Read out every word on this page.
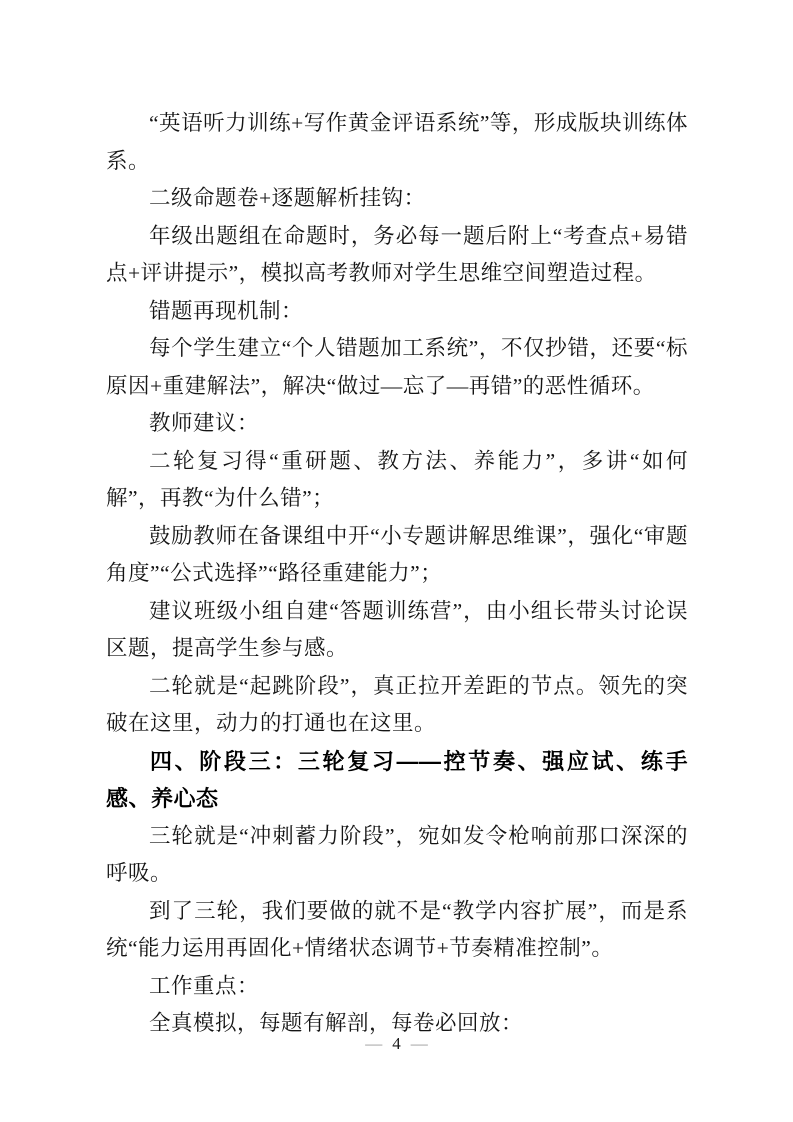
“英语听力训练+写作黄金评语系统”等，形成版块训练体系。

二级命题卷+逐题解析挂钩：

年级出题组在命题时，务必每一题后附上“考查点+易错点+评讲提示”，模拟高考教师对学生思维空间塑造过程。

错题再现机制：

每个学生建立“个人错题加工系统”，不仅抄错，还要“标原因+重建解法”，解决“做过—忘了—再错”的恶性循环。

教师建议：

二轮复习得“重研题、教方法、养能力”，多讲“如何解”，再教“为什么错”；

鼓励教师在备课组中开“小专题讲解思维课”，强化“审题角度”“公式选择”“路径重建能力”；

建议班级小组自建“答题训练营”，由小组长带头讨论误区题，提高学生参与感。

二轮就是“起跳阶段”，真正拉开差距的节点。领先的突破在这里，动力的打通也在这里。

四、阶段三：三轮复习——控节奏、强应试、练手感、养心态

三轮就是“冲刺蓄力阶段”，宛如发令枪响前那口深深的呼吸。

到了三轮，我们要做的就不是“教学内容扩展”，而是系统“能力运用再固化+情绪状态调节+节奏精准控制”。

工作重点：

全真模拟，每题有解剖，每卷必回放：

— 4 —
